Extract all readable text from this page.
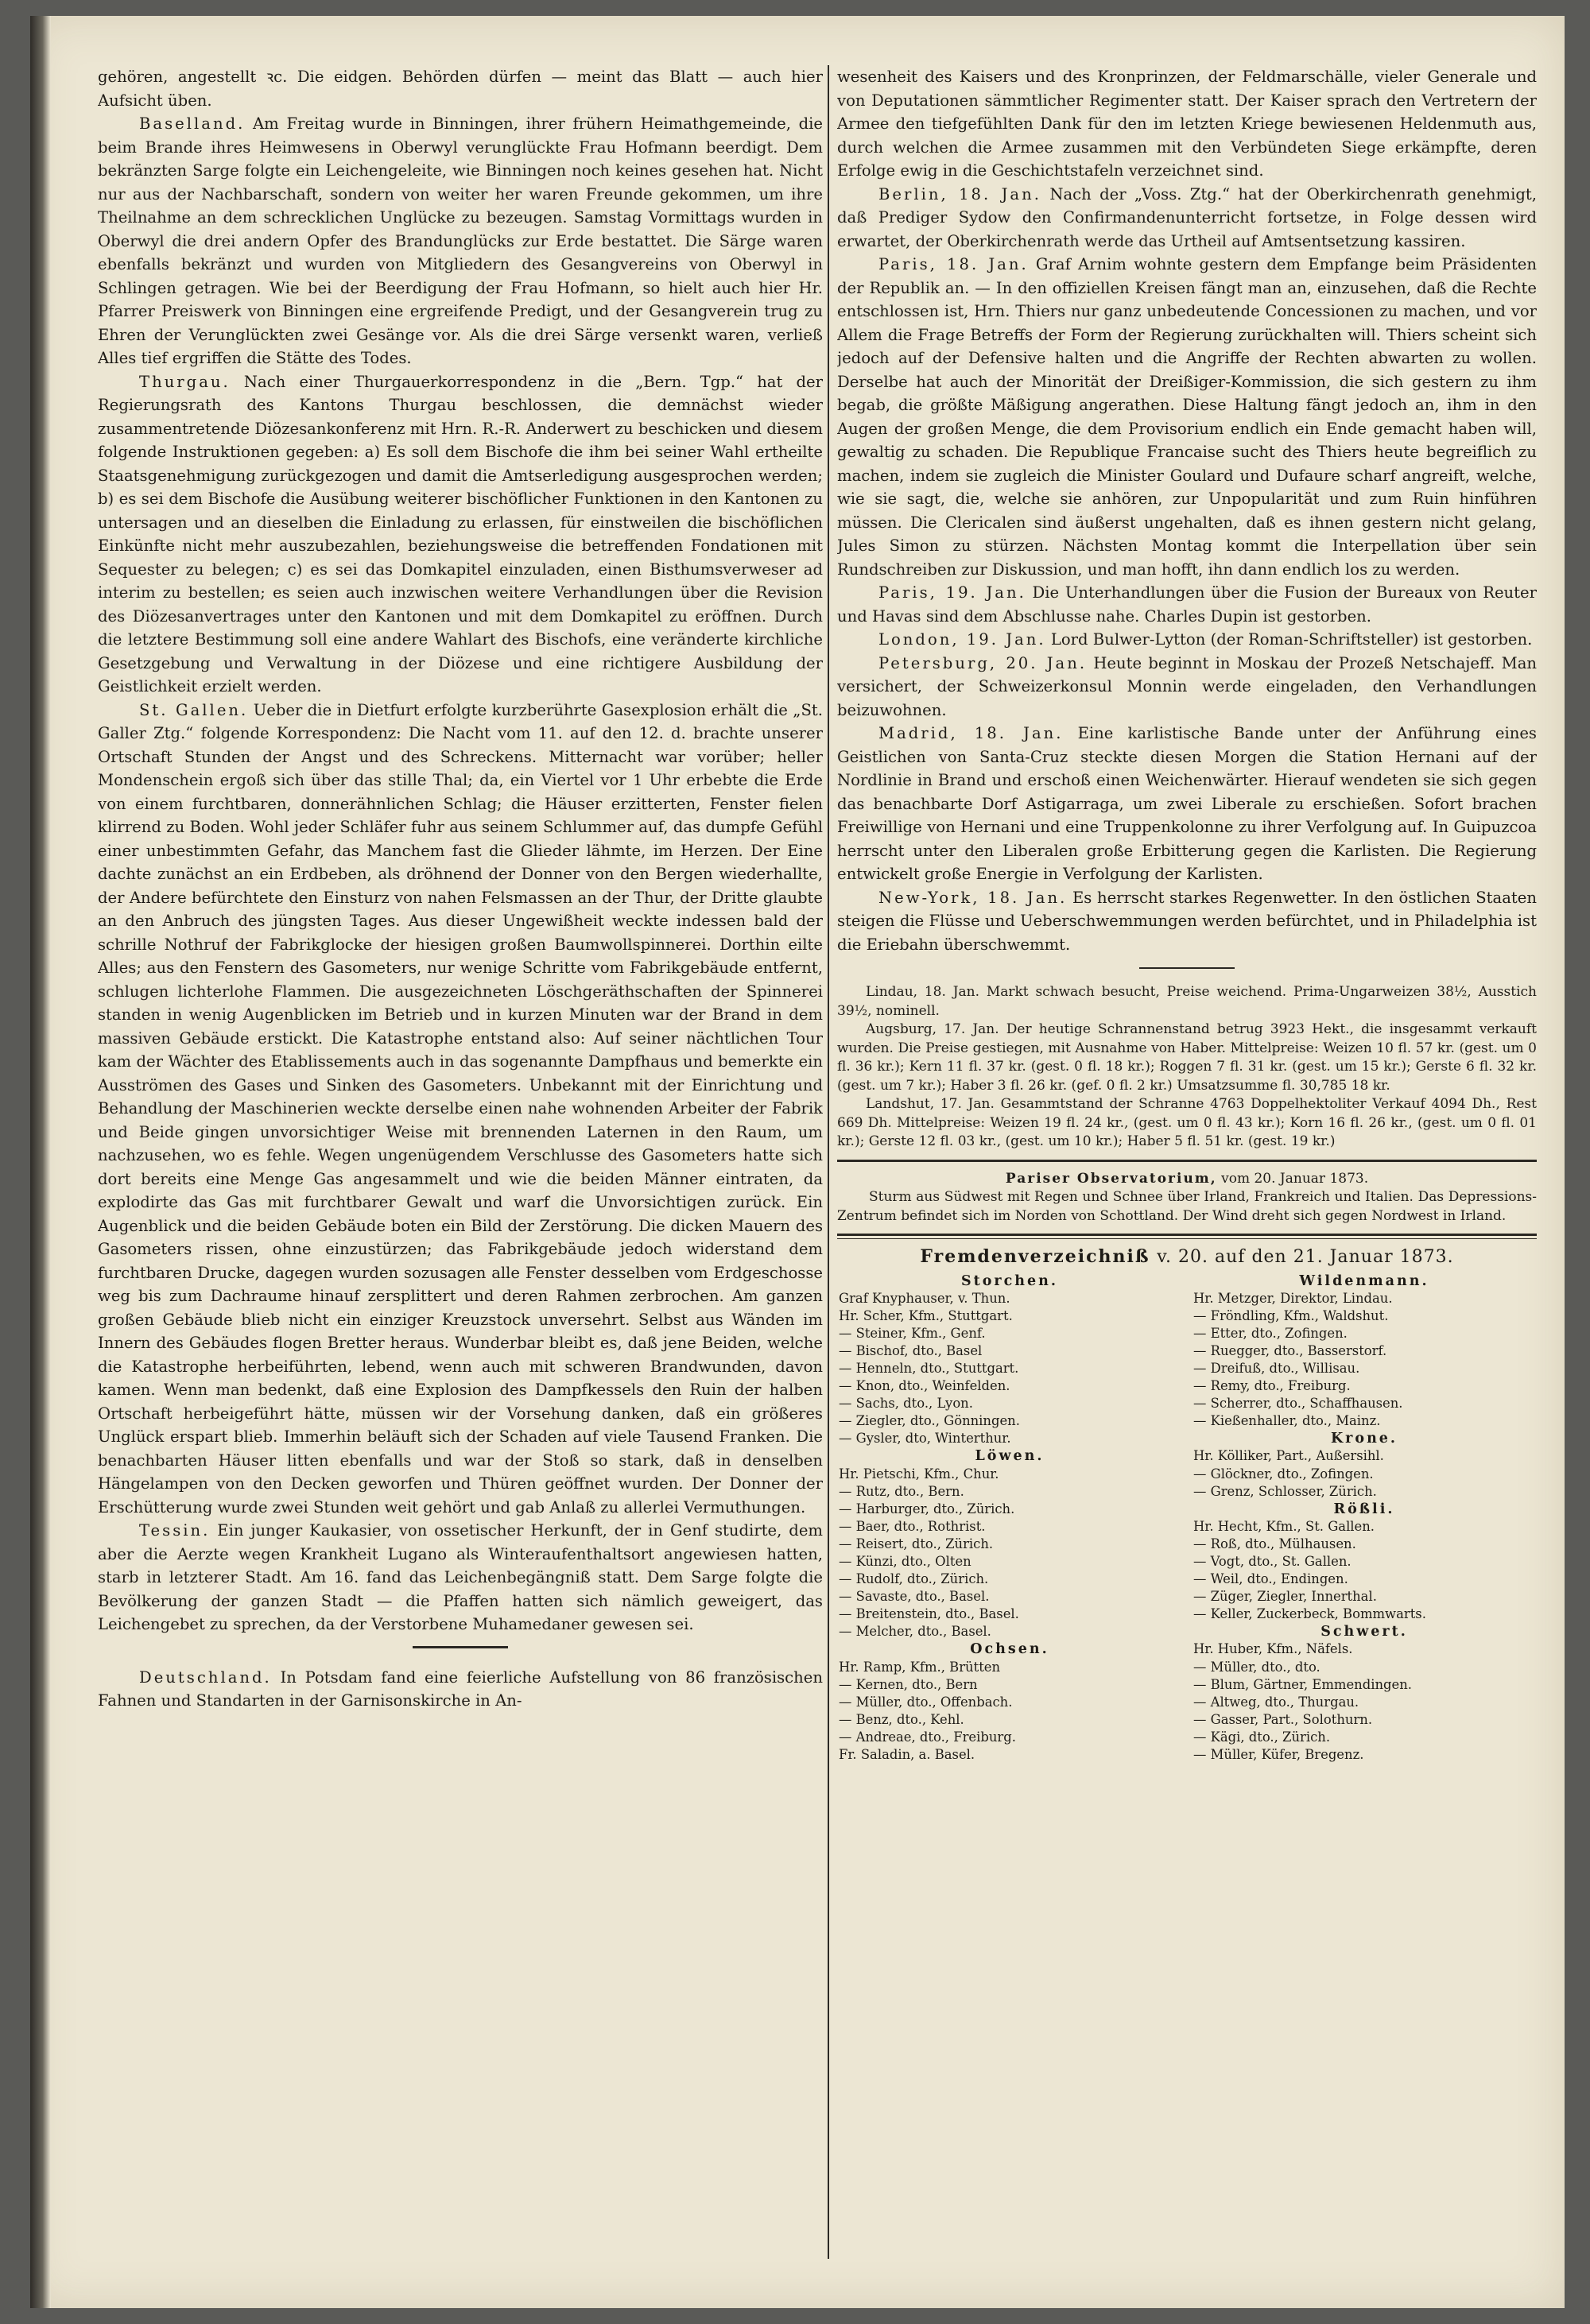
gehören, angestellt ꝛc. Die eidgen. Behörden dürfen — meint das Blatt — auch hier Aufsicht üben.

Baselland. Am Freitag wurde in Binningen, ihrer frühern Heimathgemeinde, die beim Brande ihres Heimwesens in Oberwyl verunglückte Frau Hofmann beerdigt. Dem bekränzten Sarge folgte ein Leichengeleite, wie Binningen noch keines gesehen hat. Nicht nur aus der Nachbarschaft, sondern von weiter her waren Freunde gekommen, um ihre Theilnahme an dem schrecklichen Unglücke zu bezeugen. Samstag Vormittags wurden in Oberwyl die drei andern Opfer des Brandunglücks zur Erde bestattet. Die Särge waren ebenfalls bekränzt und wurden von Mitgliedern des Gesangvereins von Oberwyl in Schlingen getragen. Wie bei der Beerdigung der Frau Hofmann, so hielt auch hier Hr. Pfarrer Preiswerk von Binningen eine ergreifende Predigt, und der Gesangverein trug zu Ehren der Verunglückten zwei Gesänge vor. Als die drei Särge versenkt waren, verließ Alles tief ergriffen die Stätte des Todes.

Thurgau. Nach einer Thurgauerkorrespondenz in die „Bern. Tgp.“ hat der Regierungsrath des Kantons Thurgau beschlossen, die demnächst wieder zusammentretende Diözesankonferenz mit Hrn. R.-R. Anderwert zu beschicken und diesem folgende Instruktionen gegeben: a) Es soll dem Bischofe die ihm bei seiner Wahl ertheilte Staatsgenehmigung zurückgezogen und damit die Amtserledigung ausgesprochen werden; b) es sei dem Bischofe die Ausübung weiterer bischöflicher Funktionen in den Kantonen zu untersagen und an dieselben die Einladung zu erlassen, für einstweilen die bischöflichen Einkünfte nicht mehr auszubezahlen, beziehungsweise die betreffenden Fondationen mit Sequester zu belegen; c) es sei das Domkapitel einzuladen, einen Bisthumsverweser ad interim zu bestellen; es seien auch inzwischen weitere Verhandlungen über die Revision des Diözesanvertrages unter den Kantonen und mit dem Domkapitel zu eröffnen. Durch die letztere Bestimmung soll eine andere Wahlart des Bischofs, eine veränderte kirchliche Gesetzgebung und Verwaltung in der Diözese und eine richtigere Ausbildung der Geistlichkeit erzielt werden.

St. Gallen. Ueber die in Dietfurt erfolgte kurzberührte Gasexplosion erhält die „St. Galler Ztg.“ folgende Korrespondenz: Die Nacht vom 11. auf den 12. d. brachte unserer Ortschaft Stunden der Angst und des Schreckens. Mitternacht war vorüber; heller Mondenschein ergoß sich über das stille Thal; da, ein Viertel vor 1 Uhr erbebte die Erde von einem furchtbaren, donnerähnlichen Schlag; die Häuser erzitterten, Fenster fielen klirrend zu Boden. Wohl jeder Schläfer fuhr aus seinem Schlummer auf, das dumpfe Gefühl einer unbestimmten Gefahr, das Manchem fast die Glieder lähmte, im Herzen. Der Eine dachte zunächst an ein Erdbeben, als dröhnend der Donner von den Bergen wiederhallte, der Andere befürchtete den Einsturz von nahen Felsmassen an der Thur, der Dritte glaubte an den Anbruch des jüngsten Tages. Aus dieser Ungewißheit weckte indessen bald der schrille Nothruf der Fabrikglocke der hiesigen großen Baumwollspinnerei. Dorthin eilte Alles; aus den Fenstern des Gasometers, nur wenige Schritte vom Fabrikgebäude entfernt, schlugen lichterlohe Flammen. Die ausgezeichneten Löschgeräthschaften der Spinnerei standen in wenig Augenblicken im Betrieb und in kurzen Minuten war der Brand in dem massiven Gebäude erstickt. Die Katastrophe entstand also: Auf seiner nächtlichen Tour kam der Wächter des Etablissements auch in das sogenannte Dampfhaus und bemerkte ein Ausströmen des Gases und Sinken des Gasometers. Unbekannt mit der Einrichtung und Behandlung der Maschinerien weckte derselbe einen nahe wohnenden Arbeiter der Fabrik und Beide gingen unvorsichtiger Weise mit brennenden Laternen in den Raum, um nachzusehen, wo es fehle. Wegen ungenügendem Verschlusse des Gasometers hatte sich dort bereits eine Menge Gas angesammelt und wie die beiden Männer eintraten, da explodirte das Gas mit furchtbarer Gewalt und warf die Unvorsichtigen zurück. Ein Augenblick und die beiden Gebäude boten ein Bild der Zerstörung. Die dicken Mauern des Gasometers rissen, ohne einzustürzen; das Fabrikgebäude jedoch widerstand dem furchtbaren Drucke, dagegen wurden sozusagen alle Fenster desselben vom Erdgeschosse weg bis zum Dachraume hinauf zersplittert und deren Rahmen zerbrochen. Am ganzen großen Gebäude blieb nicht ein einziger Kreuzstock unversehrt. Selbst aus Wänden im Innern des Gebäudes flogen Bretter heraus. Wunderbar bleibt es, daß jene Beiden, welche die Katastrophe herbeiführten, lebend, wenn auch mit schweren Brandwunden, davon kamen. Wenn man bedenkt, daß eine Explosion des Dampfkessels den Ruin der halben Ortschaft herbeigeführt hätte, müssen wir der Vorsehung danken, daß ein größeres Unglück erspart blieb. Immerhin beläuft sich der Schaden auf viele Tausend Franken. Die benachbarten Häuser litten ebenfalls und war der Stoß so stark, daß in denselben Hängelampen von den Decken geworfen und Thüren geöffnet wurden. Der Donner der Erschütterung wurde zwei Stunden weit gehört und gab Anlaß zu allerlei Vermuthungen.

Tessin. Ein junger Kaukasier, von ossetischer Herkunft, der in Genf studirte, dem aber die Aerzte wegen Krankheit Lugano als Winteraufenthaltsort angewiesen hatten, starb in letzterer Stadt. Am 16. fand das Leichenbegängniß statt. Dem Sarge folgte die Bevölkerung der ganzen Stadt — die Pfaffen hatten sich nämlich geweigert, das Leichengebet zu sprechen, da der Verstorbene Muhamedaner gewesen sei.

Deutschland. In Potsdam fand eine feierliche Aufstellung von 86 französischen Fahnen und Standarten in der Garnisonskirche in An-

wesenheit des Kaisers und des Kronprinzen, der Feldmarschälle, vieler Generale und von Deputationen sämmtlicher Regimenter statt. Der Kaiser sprach den Vertretern der Armee den tiefgefühlten Dank für den im letzten Kriege bewiesenen Heldenmuth aus, durch welchen die Armee zusammen mit den Verbündeten Siege erkämpfte, deren Erfolge ewig in die Geschichtstafeln verzeichnet sind.

Berlin, 18. Jan. Nach der „Voss. Ztg.“ hat der Oberkirchenrath genehmigt, daß Prediger Sydow den Confirmandenunterricht fortsetze, in Folge dessen wird erwartet, der Oberkirchenrath werde das Urtheil auf Amtsentsetzung kassiren.

Paris, 18. Jan. Graf Arnim wohnte gestern dem Empfange beim Präsidenten der Republik an. — In den offiziellen Kreisen fängt man an, einzusehen, daß die Rechte entschlossen ist, Hrn. Thiers nur ganz unbedeutende Concessionen zu machen, und vor Allem die Frage Betreffs der Form der Regierung zurückhalten will. Thiers scheint sich jedoch auf der Defensive halten und die Angriffe der Rechten abwarten zu wollen. Derselbe hat auch der Minorität der Dreißiger-Kommission, die sich gestern zu ihm begab, die größte Mäßigung angerathen. Diese Haltung fängt jedoch an, ihm in den Augen der großen Menge, die dem Provisorium endlich ein Ende gemacht haben will, gewaltig zu schaden. Die Republique Francaise sucht des Thiers heute begreiflich zu machen, indem sie zugleich die Minister Goulard und Dufaure scharf angreift, welche, wie sie sagt, die, welche sie anhören, zur Unpopularität und zum Ruin hinführen müssen. Die Clericalen sind äußerst ungehalten, daß es ihnen gestern nicht gelang, Jules Simon zu stürzen. Nächsten Montag kommt die Interpellation über sein Rundschreiben zur Diskussion, und man hofft, ihn dann endlich los zu werden.

Paris, 19. Jan. Die Unterhandlungen über die Fusion der Bureaux von Reuter und Havas sind dem Abschlusse nahe. Charles Dupin ist gestorben.

London, 19. Jan. Lord Bulwer-Lytton (der Roman-Schriftsteller) ist gestorben.

Petersburg, 20. Jan. Heute beginnt in Moskau der Prozeß Netschajeff. Man versichert, der Schweizerkonsul Monnin werde eingeladen, den Verhandlungen beizuwohnen.

Madrid, 18. Jan. Eine karlistische Bande unter der Anführung eines Geistlichen von Santa-Cruz steckte diesen Morgen die Station Hernani auf der Nordlinie in Brand und erschoß einen Weichenwärter. Hierauf wendeten sie sich gegen das benachbarte Dorf Astigarraga, um zwei Liberale zu erschießen. Sofort brachen Freiwillige von Hernani und eine Truppenkolonne zu ihrer Verfolgung auf. In Guipuzcoa herrscht unter den Liberalen große Erbitterung gegen die Karlisten. Die Regierung entwickelt große Energie in Verfolgung der Karlisten.

New-York, 18. Jan. Es herrscht starkes Regenwetter. In den östlichen Staaten steigen die Flüsse und Ueberschwemmungen werden befürchtet, und in Philadelphia ist die Eriebahn überschwemmt.

Lindau, 18. Jan. Markt schwach besucht, Preise weichend. Prima-Ungarweizen 38½, Ausstich 39½, nominell.

Augsburg, 17. Jan. Der heutige Schrannenstand betrug 3923 Hekt., die insgesammt verkauft wurden. Die Preise gestiegen, mit Ausnahme von Haber. Mittelpreise: Weizen 10 fl. 57 kr. (gest. um 0 fl. 36 kr.); Kern 11 fl. 37 kr. (gest. 0 fl. 18 kr.); Roggen 7 fl. 31 kr. (gest. um 15 kr.); Gerste 6 fl. 32 kr. (gest. um 7 kr.); Haber 3 fl. 26 kr. (gef. 0 fl. 2 kr.) Umsatzsumme fl. 30,785 18 kr.

Landshut, 17. Jan. Gesammtstand der Schranne 4763 Doppelhektoliter Verkauf 4094 Dh., Rest 669 Dh. Mittelpreise: Weizen 19 fl. 24 kr., (gest. um 0 fl. 43 kr.); Korn 16 fl. 26 kr., (gest. um 0 fl. 01 kr.); Gerste 12 fl. 03 kr., (gest. um 10 kr.); Haber 5 fl. 51 kr. (gest. 19 kr.)

Pariser Observatorium, vom 20. Januar 1873.
Sturm aus Südwest mit Regen und Schnee über Irland, Frankreich und Italien. Das Depressions-Zentrum befindet sich im Norden von Schottland. Der Wind dreht sich gegen Nordwest in Irland.
Fremdenverzeichniß v. 20. auf den 21. Januar 1873.
Storchen.
Graf Knyphauser, v. Thun.
Hr. Scher, Kfm., Stuttgart.
— Steiner, Kfm., Genf.
— Bischof, dto., Basel
— Henneln, dto., Stuttgart.
— Knon, dto., Weinfelden.
— Sachs, dto., Lyon.
— Ziegler, dto., Gönningen.
— Gysler, dto, Winterthur.
Löwen.
Hr. Pietschi, Kfm., Chur.
— Rutz, dto., Bern.
— Harburger, dto., Zürich.
— Baer, dto., Rothrist.
— Reisert, dto., Zürich.
— Künzi, dto., Olten
— Rudolf, dto., Zürich.
— Savaste, dto., Basel.
— Breitenstein, dto., Basel.
— Melcher, dto., Basel.
Ochsen.
Hr. Ramp, Kfm., Brütten
— Kernen, dto., Bern
— Müller, dto., Offenbach.
— Benz, dto., Kehl.
— Andreae, dto., Freiburg.
Fr. Saladin, a. Basel.
Wildenmann.
Hr. Metzger, Direktor, Lindau.
— Fröndling, Kfm., Waldshut.
— Etter, dto., Zofingen.
— Ruegger, dto., Basserstorf.
— Dreifuß, dto., Willisau.
— Remy, dto., Freiburg.
— Scherrer, dto., Schaffhausen.
— Kießenhaller, dto., Mainz.
Krone.
Hr. Kölliker, Part., Außersihl.
— Glöckner, dto., Zofingen.
— Grenz, Schlosser, Zürich.
Rößli.
Hr. Hecht, Kfm., St. Gallen.
— Roß, dto., Mülhausen.
— Vogt, dto., St. Gallen.
— Weil, dto., Endingen.
— Züger, Ziegler, Innerthal.
— Keller, Zuckerbeck, Bommwarts.
Schwert.
Hr. Huber, Kfm., Näfels.
— Müller, dto., dto.
— Blum, Gärtner, Emmendingen.
— Altweg, dto., Thurgau.
— Gasser, Part., Solothurn.
— Kägi, dto., Zürich.
— Müller, Küfer, Bregenz.
